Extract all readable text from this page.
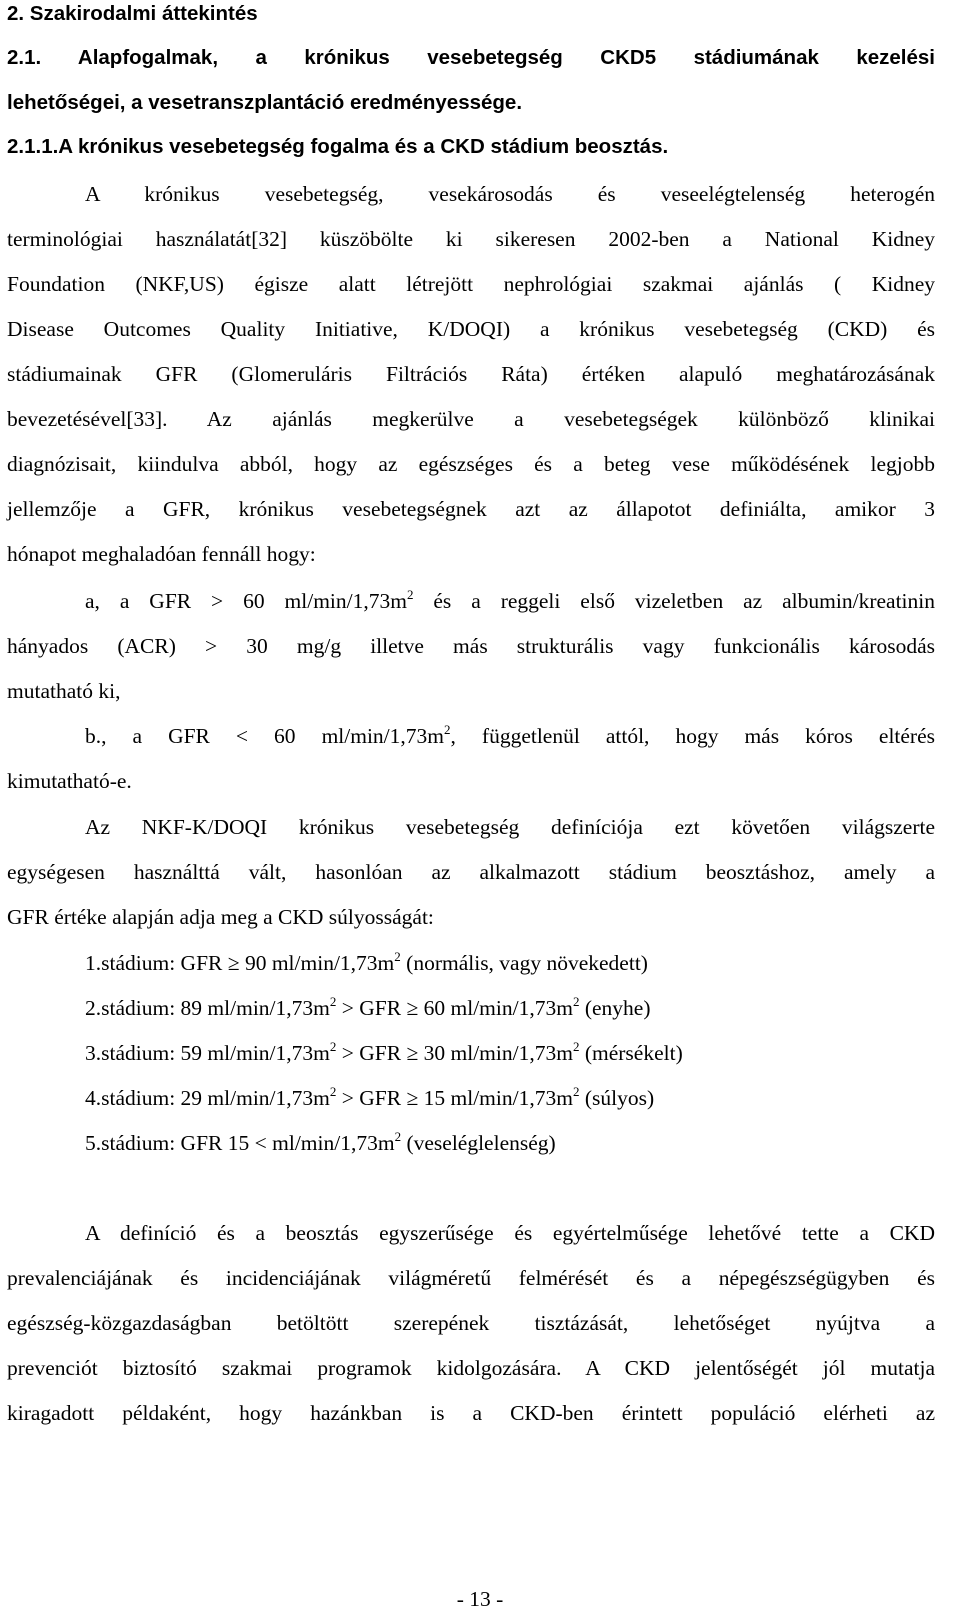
2. Szakirodalmi áttekintés
2.1. Alapfogalmak, a krónikus vesebetegség CKD5 stádiumának kezelési
lehetőségei, a vesetranszplantáció eredményessége.
2.1.1.A krónikus vesebetegség fogalma és a CKD stádium beosztás.
A krónikus vesebetegség, vesekárosodás és veseelégtelenség heterogén
terminológiai használatát[32] küszöbölte ki sikeresen 2002-ben a National Kidney
Foundation (NKF,US) égisze alatt létrejött nephrológiai szakmai ajánlás ( Kidney
Disease Outcomes Quality Initiative, K/DOQI) a krónikus vesebetegség (CKD) és
stádiumainak GFR (Glomeruláris Filtrációs Ráta) értéken alapuló meghatározásának
bevezetésével[33]. Az ajánlás megkerülve a vesebetegségek különböző klinikai
diagnózisait, kiindulva abból, hogy az egészséges és a beteg vese működésének legjobb
jellemzője a GFR, krónikus vesebetegségnek azt az állapotot definiálta, amikor 3
hónapot meghaladóan fennáll hogy:
a, a GFR > 60 $ml/\min/1,73m^2$ és a reggeli első vizeletben az albumin/kreatinin
hányados (ACR) > 30 mg/g illetve más strukturális vagy funkcionális károsodás
mutatható ki,
b., a GFR < 60 $ml/\min/1,73m^2$, függetlenül attól, hogy más kóros eltérés
kimutatható-e.
Az NKF-K/DOQI krónikus vesebetegség definíciója ezt követően világszerte
egységesen használttá vált, hasonlóan az alkalmazott stádium beosztáshoz, amely a
GFR értéke alapján adja meg a CKD súlyosságát:
1.stádium: GFR ≥ 90 $ml/\min/1,73m^2$ (normális, vagy növekedett)
2.stádium: 89 $ml/\min/1,73m^2$ > GFR ≥ 60 $ml/\min/1,73m^2$ (enyhe)
3.stádium: 59 $ml/\min/1,73m^2$ > GFR ≥ 30 $ml/\min/1,73m^2$ (mérsékelt)
4.stádium: 29 $ml/\min/1,73m^2$ > GFR ≥ 15 $ml/\min/1,73m^2$ (súlyos)
5.stádium: GFR $15 < ml/\min/1,73m^2$ (veseléglelenség)
A definíció és a beosztás egyszerűsége és egyértelműsége lehetővé tette a CKD
prevalenciájának és incidenciájának világméretű felmérését és a népegészségügyben és
egészség-közgazdaságban betöltött szerepének tisztázását, lehetőséget nyújtva a
prevenciót biztosító szakmai programok kidolgozására. A CKD jelentőségét jól mutatja
kiragadott példaként, hogy hazánkban is a CKD-ben érintett populáció elérheti az
- 13 -
